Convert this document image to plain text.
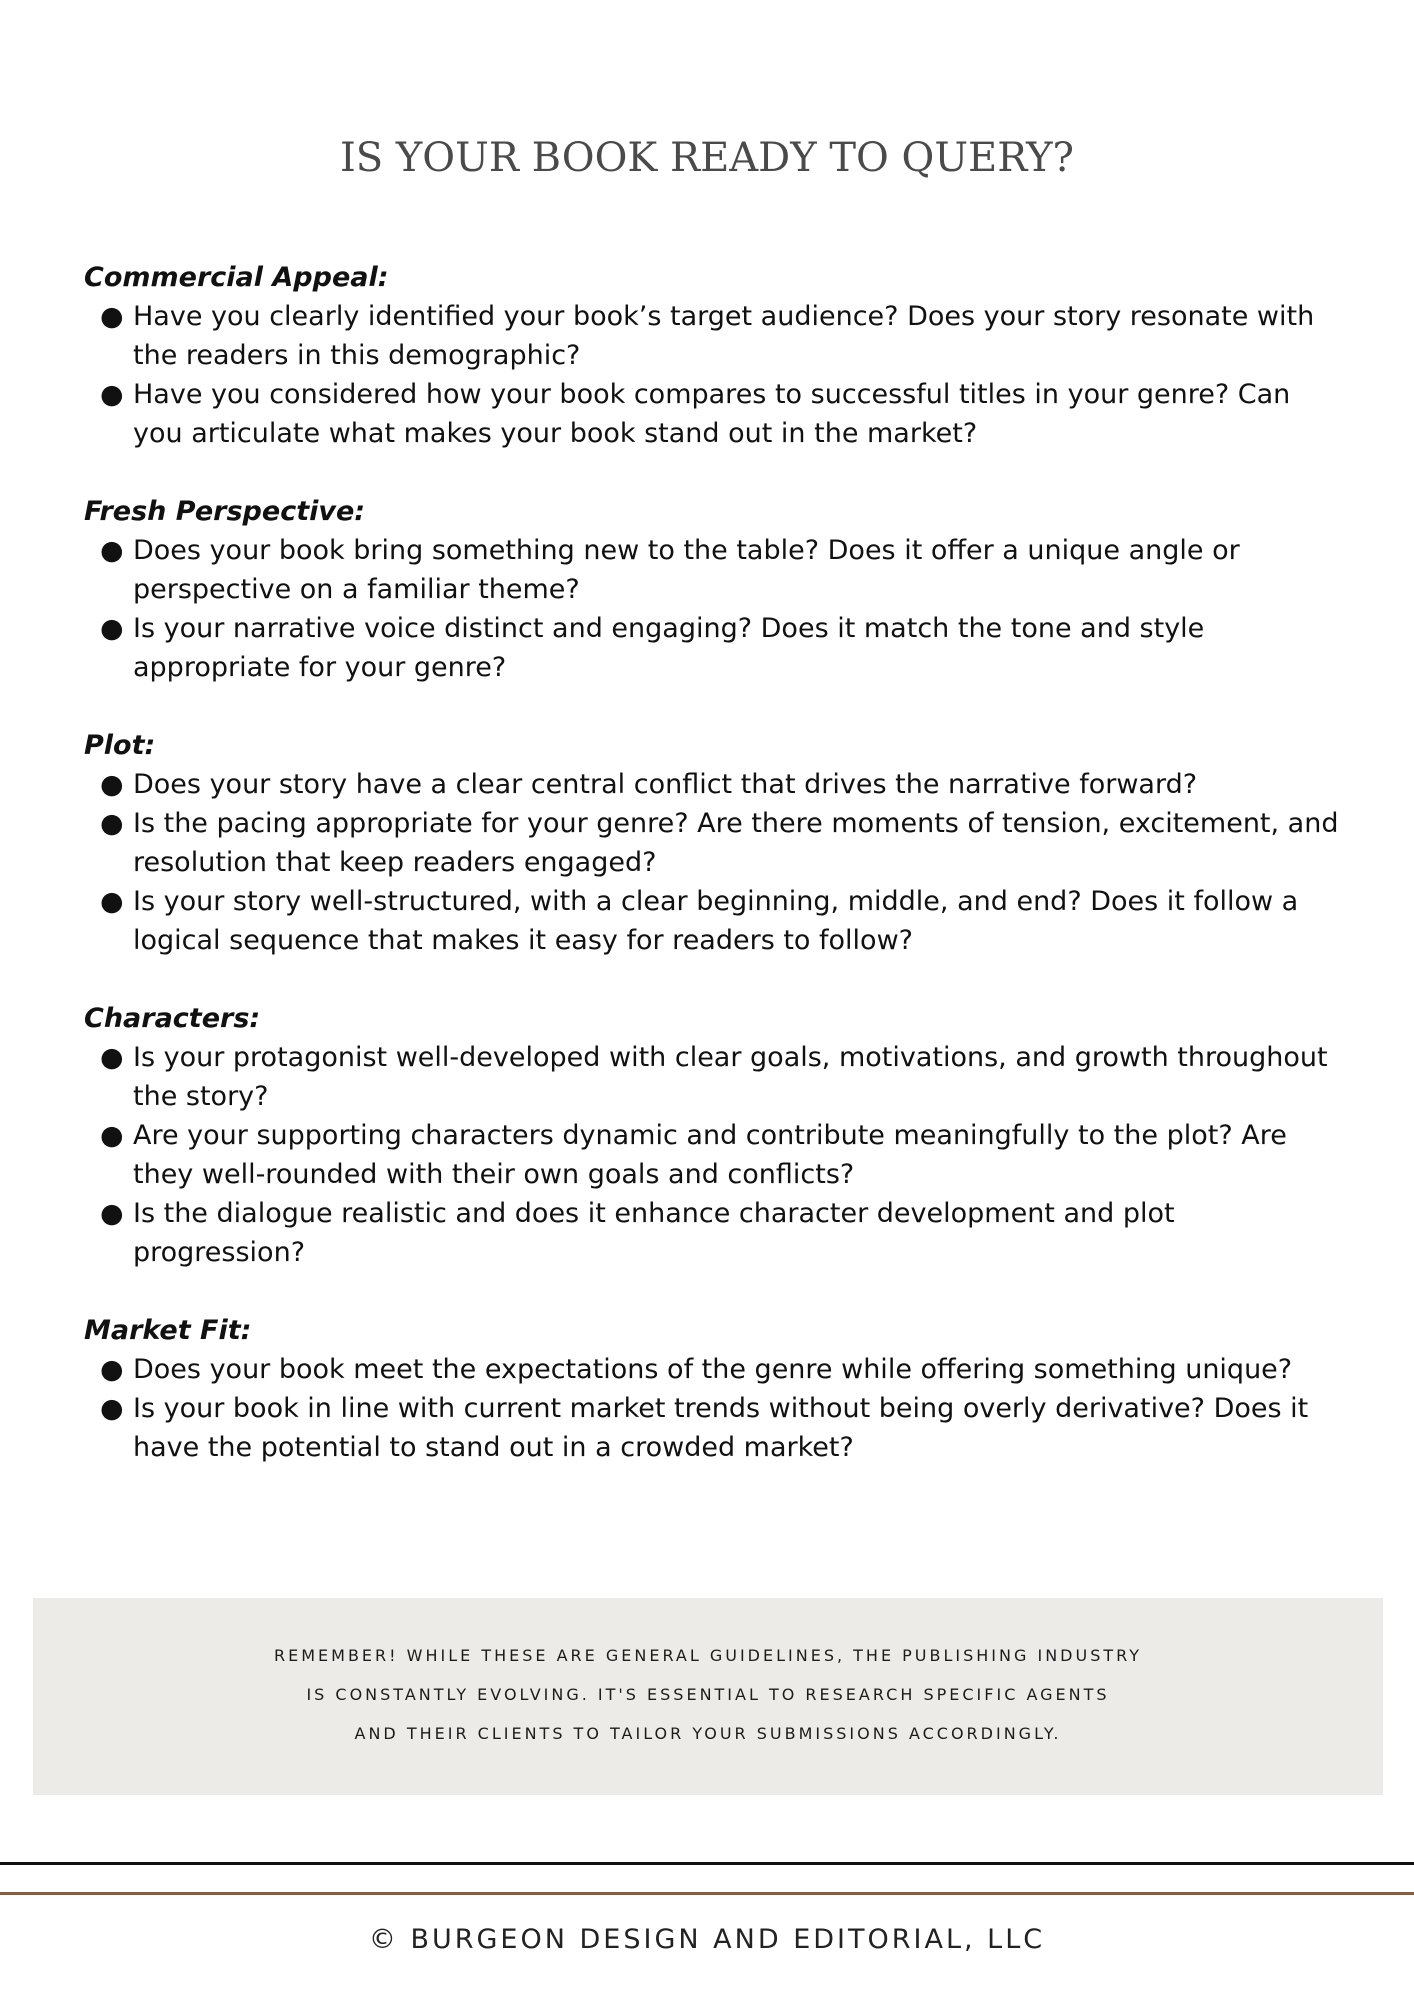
IS YOUR BOOK READY TO QUERY?
Commercial Appeal:
● Have you clearly identified your book’s target audience? Does your story resonate with the readers in this demographic?
● Have you considered how your book compares to successful titles in your genre? Can you articulate what makes your book stand out in the market?
Fresh Perspective:
● Does your book bring something new to the table? Does it offer a unique angle or perspective on a familiar theme?
● Is your narrative voice distinct and engaging? Does it match the tone and style appropriate for your genre?
Plot:
● Does your story have a clear central conflict that drives the narrative forward?
● Is the pacing appropriate for your genre? Are there moments of tension, excitement, and resolution that keep readers engaged?
● Is your story well-structured, with a clear beginning, middle, and end? Does it follow a logical sequence that makes it easy for readers to follow?
Characters:
● Is your protagonist well-developed with clear goals, motivations, and growth throughout the story?
● Are your supporting characters dynamic and contribute meaningfully to the plot? Are they well-rounded with their own goals and conflicts?
● Is the dialogue realistic and does it enhance character development and plot progression?
Market Fit:
● Does your book meet the expectations of the genre while offering something unique?
● Is your book in line with current market trends without being overly derivative? Does it have the potential to stand out in a crowded market?
REMEMBER! WHILE THESE ARE GENERAL GUIDELINES, THE PUBLISHING INDUSTRY
IS CONSTANTLY EVOLVING. IT'S ESSENTIAL TO RESEARCH SPECIFIC AGENTS
AND THEIR CLIENTS TO TAILOR YOUR SUBMISSIONS ACCORDINGLY.
© BURGEON DESIGN AND EDITORIAL, LLC
